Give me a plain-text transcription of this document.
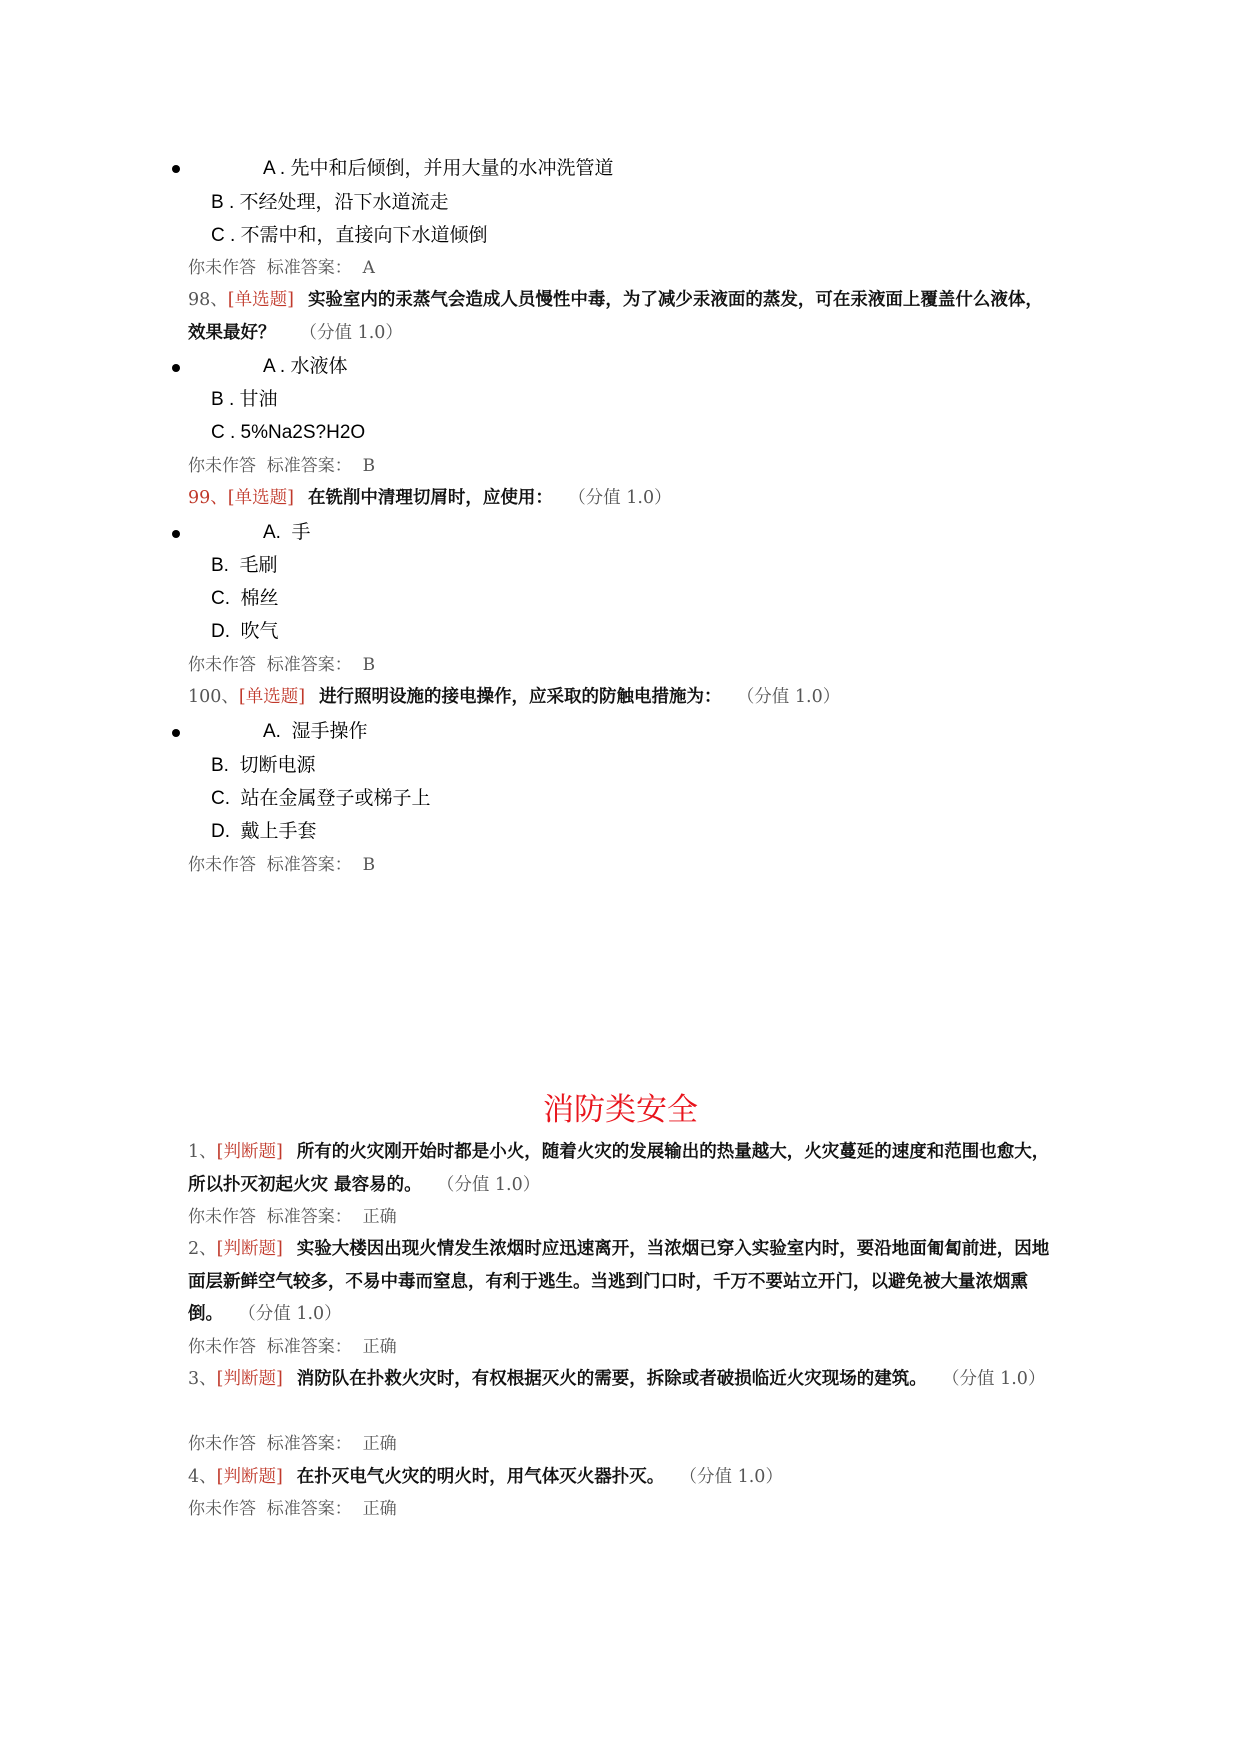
A . 先中和后倾倒，并用大量的水冲洗管道
B . 不经处理，沿下水道流走
C . 不需中和，直接向下水道倾倒
你未作答  标准答案：  A
98、[单选题] 实验室内的汞蒸气会造成人员慢性中毒，为了减少汞液面的蒸发，可在汞液面上覆盖什么液体，效果最好？ （分值 1.0）
A . 水液体
B . 甘油
C . 5%Na2S?H2O
你未作答  标准答案：  B
99、[单选题] 在铣削中清理切屑时，应使用： （分值 1.0）
A.  手
B.  毛刷
C.  棉丝
D.  吹气
你未作答  标准答案：  B
100、[单选题] 进行照明设施的接电操作，应采取的防触电措施为： （分值 1.0）
A.  湿手操作
B.  切断电源
C.  站在金属登子或梯子上
D.  戴上手套
你未作答  标准答案：  B
消防类安全
1、[判断题] 所有的火灾刚开始时都是小火，随着火灾的发展输出的热量越大，火灾蔓延的速度和范围也愈大，所以扑灭初起火灾 最容易的。 （分值 1.0）
你未作答  标准答案：  正确
2、[判断题] 实验大楼因出现火情发生浓烟时应迅速离开，当浓烟已穿入实验室内时，要沿地面匍匐前进，因地面层新鲜空气较多，不易中毒而窒息，有利于逃生。当逃到门口时，千万不要站立开门，以避免被大量浓烟熏倒。 （分值 1.0）
你未作答  标准答案：  正确
3、[判断题] 消防队在扑救火灾时，有权根据灭火的需要，拆除或者破损临近火灾现场的建筑。 （分值 1.0）
你未作答  标准答案：  正确
4、[判断题] 在扑灭电气火灾的明火时，用气体灭火器扑灭。 （分值 1.0）
你未作答  标准答案：  正确
